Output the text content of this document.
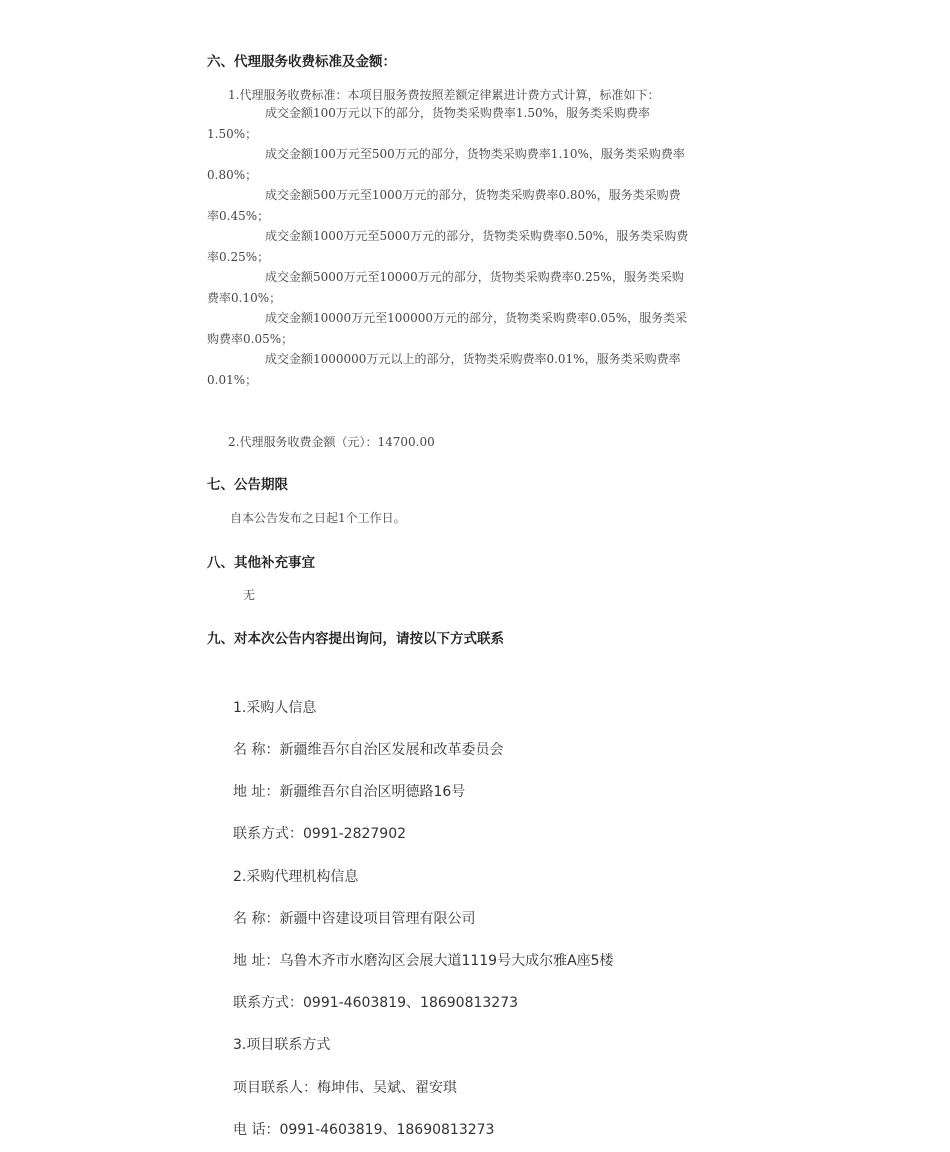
六、代理服务收费标准及金额：
1.代理服务收费标准：本项目服务费按照差额定律累进计费方式计算，标准如下：
成交金额100万元以下的部分，货物类采购费率1.50%，服务类采购费率
1.50%；
成交金额100万元至500万元的部分，货物类采购费率1.10%，服务类采购费率
0.80%；
成交金额500万元至1000万元的部分，货物类采购费率0.80%，服务类采购费
率0.45%；
成交金额1000万元至5000万元的部分，货物类采购费率0.50%，服务类采购费
率0.25%；
成交金额5000万元至10000万元的部分，货物类采购费率0.25%，服务类采购
费率0.10%；
成交金额10000万元至100000万元的部分，货物类采购费率0.05%，服务类采
购费率0.05%；
成交金额1000000万元以上的部分，货物类采购费率0.01%，服务类采购费率
0.01%；
2.代理服务收费金额（元）：14700.00
七、公告期限
自本公告发布之日起1个工作日。
八、其他补充事宜
无
九、对本次公告内容提出询问，请按以下方式联系
1.采购人信息
名 称：新疆维吾尔自治区发展和改革委员会
地 址：新疆维吾尔自治区明德路16号
联系方式：0991-2827902
2.采购代理机构信息
名 称：新疆中咨建设项目管理有限公司
地 址：乌鲁木齐市水磨沟区会展大道1119号大成尔雅A座5楼
联系方式：0991-4603819、18690813273
3.项目联系方式
项目联系人：梅坤伟、吴斌、翟安琪
电 话：0991-4603819、18690813273
